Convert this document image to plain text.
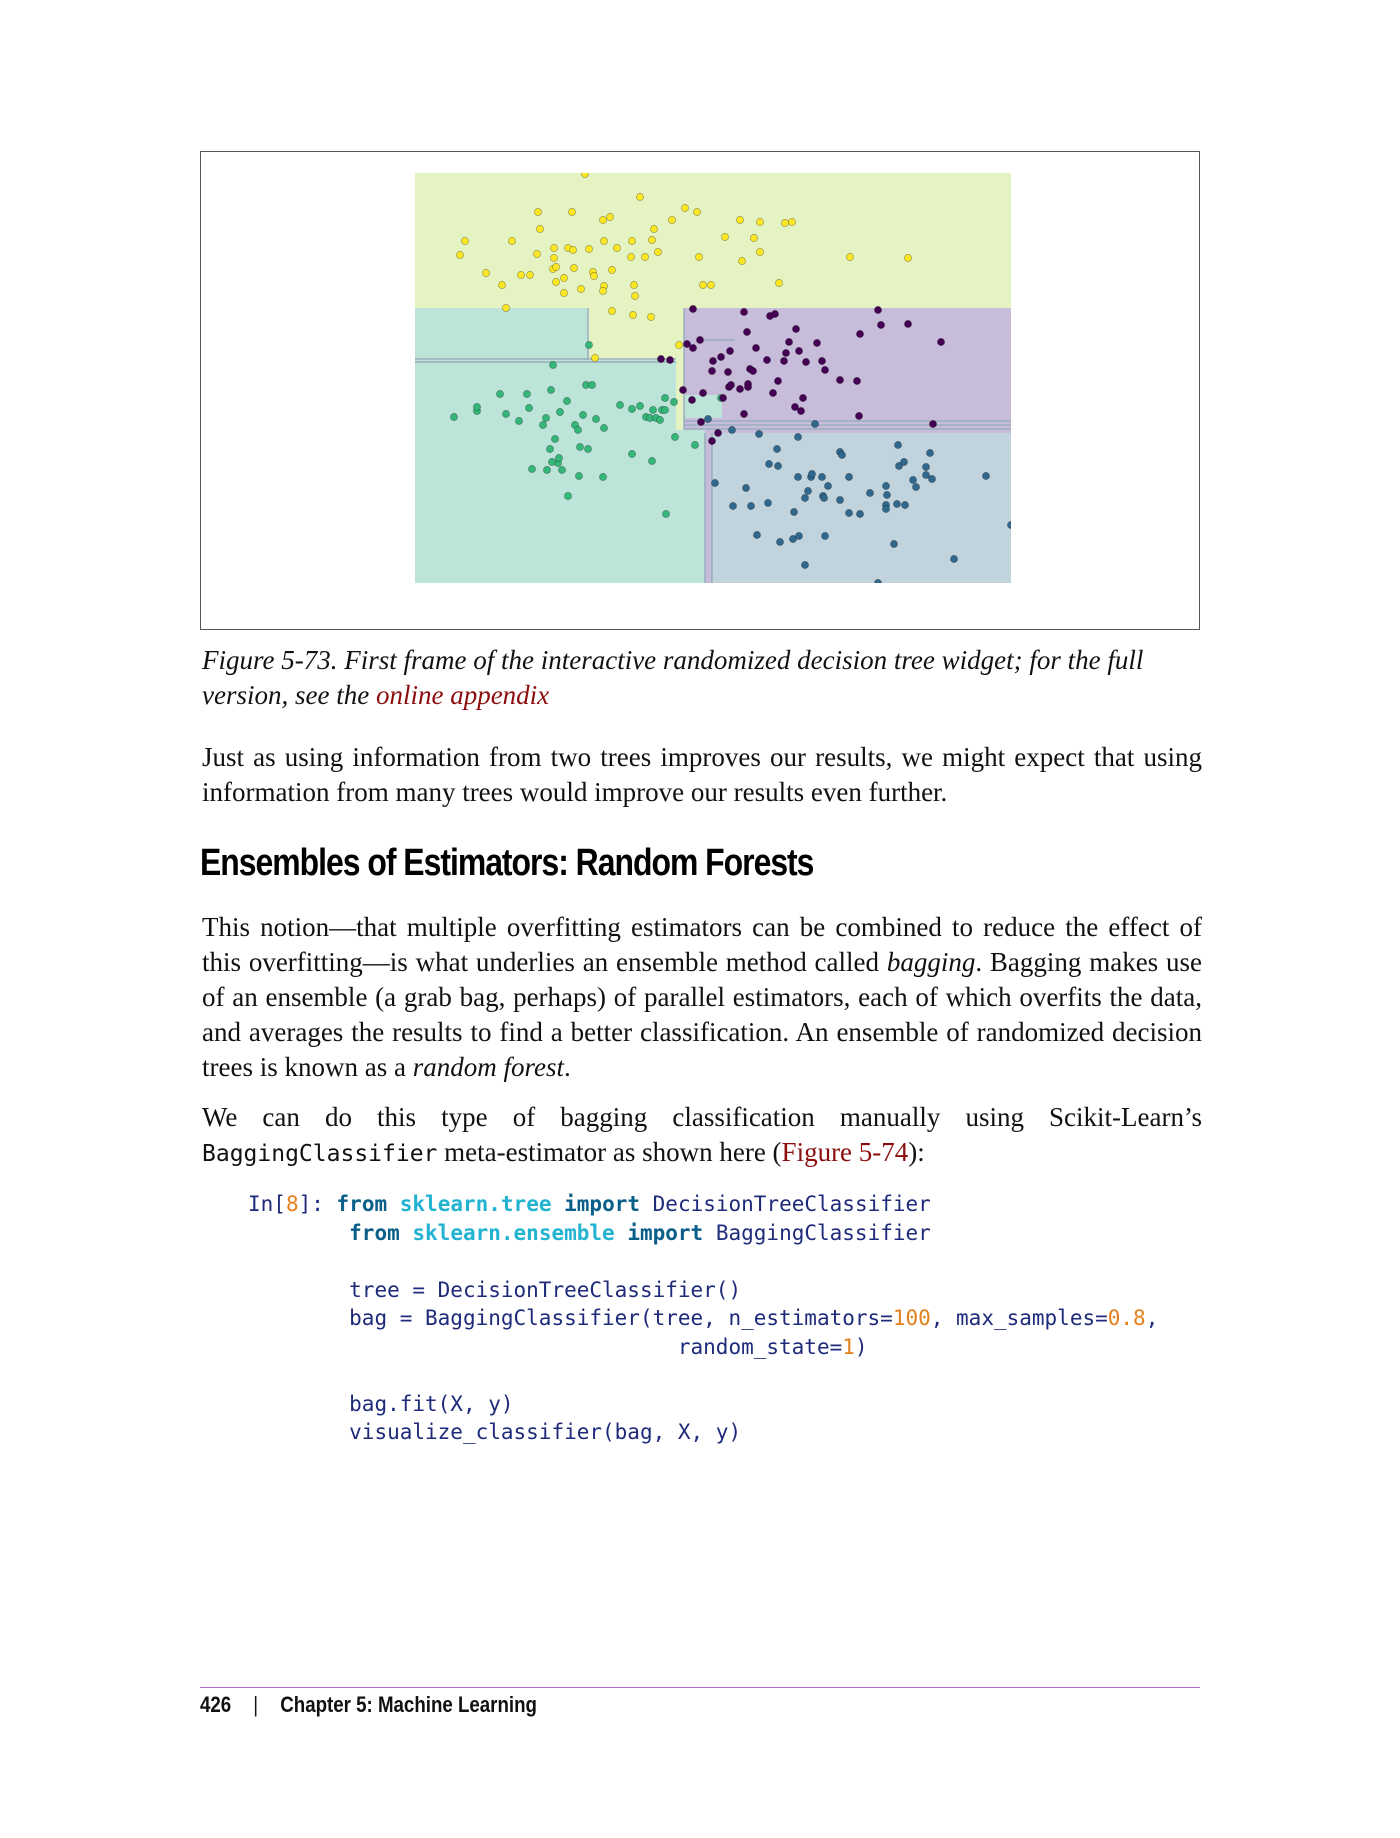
Figure 5-73. First frame of the interactive randomized decision tree widget; for the full version, see the online appendix
Just as using information from two trees improves our results, we might expect that using information from many trees would improve our results even further.
Ensembles of Estimators: Random Forests
This notion—that multiple overfitting estimators can be combined to reduce the effect of this overfitting—is what underlies an ensemble method called bagging. Bagging makes use of an ensemble (a grab bag, perhaps) of parallel estimators, each of which overfits the data, and averages the results to find a better classification. An ensemble of randomized decision trees is known as a random forest.
We can do this type of bagging classification manually using Scikit-Learn’s BaggingClassifier meta-estimator as shown here (Figure 5-74):
In[8]: from sklearn.tree import DecisionTreeClassifier
from sklearn.ensemble import BaggingClassifier

tree = DecisionTreeClassifier()
bag = BaggingClassifier(tree, n_estimators=100, max_samples=0.8,
random_state=1)

bag.fit(X, y)
visualize_classifier(bag, X, y)
426 | Chapter 5: Machine Learning
